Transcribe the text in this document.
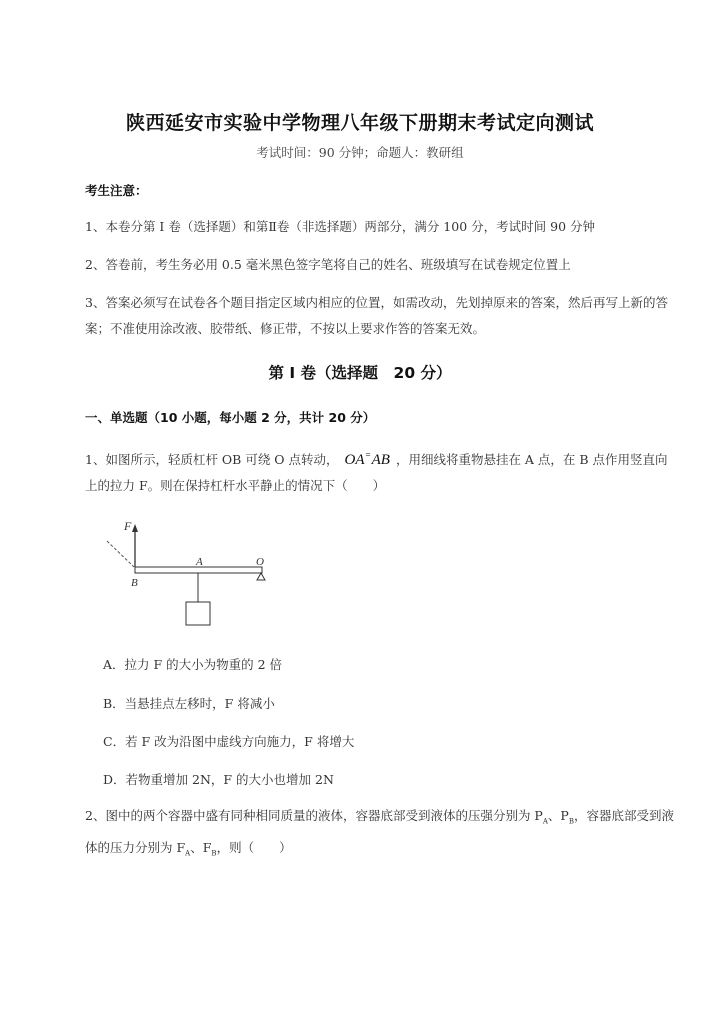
陕西延安市实验中学物理八年级下册期末考试定向测试
考试时间：90 分钟；命题人：教研组
考生注意：
1、本卷分第 I 卷（选择题）和第Ⅱ卷（非选择题）两部分，满分 100 分，考试时间 90 分钟
2、答卷前，考生务必用 0.5 毫米黑色签字笔将自己的姓名、班级填写在试卷规定位置上
3、答案必须写在试卷各个题目指定区域内相应的位置，如需改动，先划掉原来的答案，然后再写上新的答案；不准使用涂改液、胶带纸、修正带，不按以上要求作答的答案无效。
第 I 卷（选择题　20 分）
一、单选题（10 小题，每小题 2 分，共计 20 分）
1、如图所示，轻质杠杆 OB 可绕 O 点转动， OA=AB ，用细线将重物悬挂在 A 点，在 B 点作用竖直向上的拉力 F。则在保持杠杆水平静止的情况下（　　）
F
A	O
B
A．拉力 F 的大小为物重的 2 倍
B．当悬挂点左移时，F 将减小
C．若 F 改为沿图中虚线方向施力，F 将增大
D．若物重增加 2N，F 的大小也增加 2N
2、图中的两个容器中盛有同种相同质量的液体，容器底部受到液体的压强分别为 $P_A$、$P_B$，容器底部受到液体的压力分别为 $F_A$、$F_B$，则（　　）
